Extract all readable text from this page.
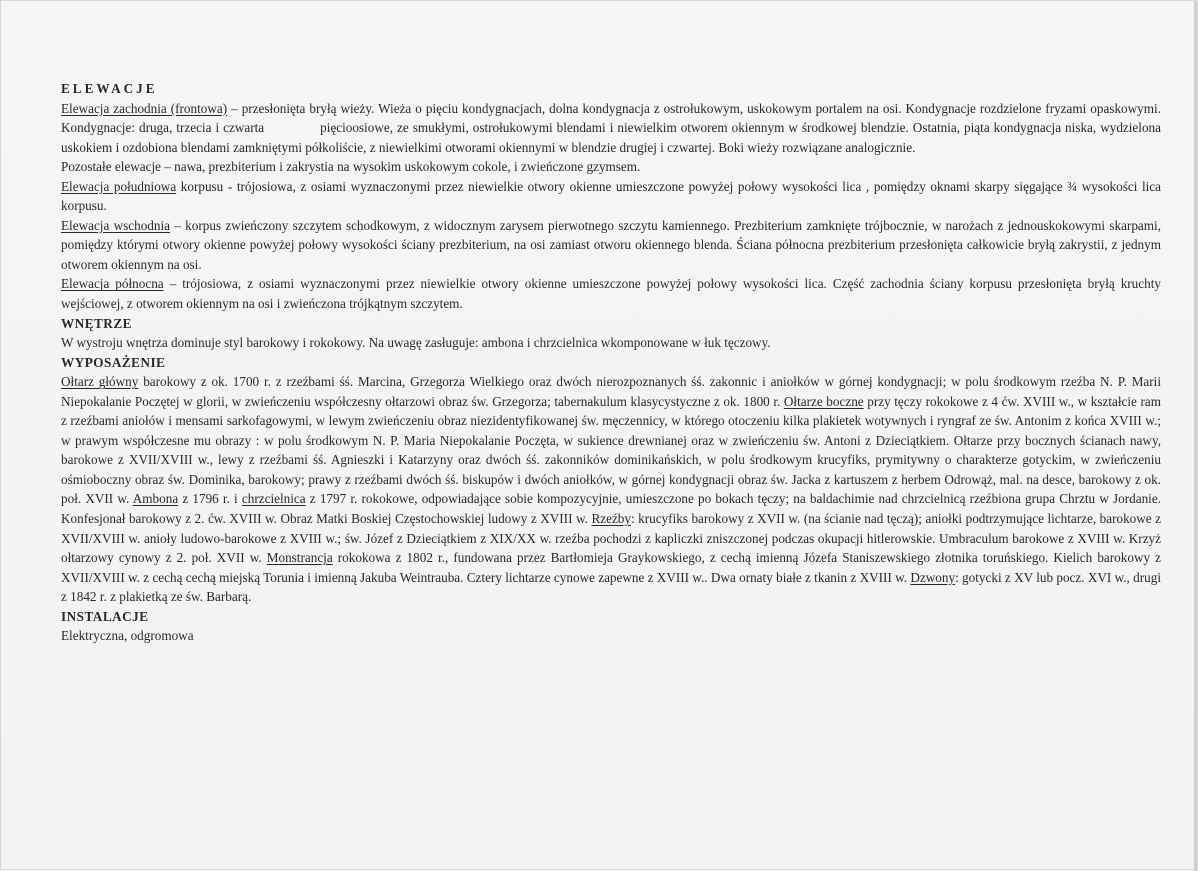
ELEWACJE

Elewacja zachodnia (frontowa) – przesłonięta bryłą wieży. Wieża o pięciu kondygnacjach, dolna kondygnacja z ostrołukowym, uskokowym portalem na osi. Kondygnacje rozdzielone fryzami opaskowymi. Kondygnacje: druga, trzecia i czwarta	pięcioosiowe, ze smukłymi, ostrołukowymi blendami i niewielkim otworem okiennym w środkowej blendzie. Ostatnia, piąta kondygnacja niska, wydzielona uskokiem i ozdobiona blendami zamkniętymi półkoliście, z niewielkimi otworami okiennymi w blendzie drugiej i czwartej. Boki wieży rozwiązane analogicznie.

Pozostałe elewacje – nawa, prezbiterium i zakrystia na wysokim uskokowym cokole, i zwieńczone gzymsem.

Elewacja południowa korpusu - trójosiowa, z osiami wyznaczonymi przez niewielkie otwory okienne umieszczone powyżej połowy wysokości lica , pomiędzy oknami skarpy sięgające ¾ wysokości lica korpusu.

Elewacja wschodnia – korpus zwieńczony szczytem schodkowym, z widocznym zarysem pierwotnego szczytu kamiennego. Prezbiterium zamknięte trójbocznie, w narożach z jednouskokowymi skarpami, pomiędzy którymi otwory okienne powyżej połowy wysokości ściany prezbiterium, na osi zamiast otworu okiennego blenda. Ściana północna prezbiterium przesłonięta całkowicie bryłą zakrystii, z jednym otworem okiennym na osi.

Elewacja północna – trójosiowa, z osiami wyznaczonymi przez niewielkie otwory okienne umieszczone powyżej połowy wysokości lica. Część zachodnia ściany korpusu przesłonięta bryłą kruchty wejściowej, z otworem okiennym na osi i zwieńczona trójkątnym szczytem.

WNĘTRZE

W wystroju wnętrza dominuje styl barokowy i rokokowy. Na uwagę zasługuje: ambona i chrzcielnica wkomponowane w łuk tęczowy.

WYPOSAŻENIE

Ołtarz główny barokowy z ok. 1700 r. z rzeźbami śś. Marcina, Grzegorza Wielkiego oraz dwóch nierozpoznanych śś. zakonnic i aniołków w górnej kondygnacji; w polu środkowym rzeźba N. P. Marii Niepokalanie Poczętej w glorii, w zwieńczeniu współczesny ołtarzowi obraz św. Grzegorza; tabernakulum klasycystyczne z ok. 1800 r. Ołtarze boczne przy tęczy rokokowe z 4 ćw. XVIII w., w kształcie ram z rzeźbami aniołów i mensami sarkofagowymi, w lewym zwieńczeniu obraz niezidentyfikowanej św. męczennicy, w którego otoczeniu kilka plakietek wotywnych i ryngraf ze św. Antonim z końca XVIII w.; w prawym współczesne mu obrazy : w polu środkowym N. P. Maria Niepokalanie Poczęta, w sukience drewnianej oraz w zwieńczeniu św. Antoni z Dzieciątkiem. Ołtarze przy bocznych ścianach nawy, barokowe z XVII/XVIII w., lewy z rzeźbami śś. Agnieszki i Katarzyny oraz dwóch śś. zakonników dominikańskich, w polu środkowym krucyfiks, prymitywny o charakterze gotyckim, w zwieńczeniu ośmioboczny obraz św. Dominika, barokowy; prawy z rzeźbami dwóch śś. biskupów i dwóch aniołków, w górnej kondygnacji obraz św. Jacka z kartuszem z herbem Odrowąż, mal. na desce, barokowy z ok. poł. XVII w. Ambona z 1796 r. i chrzcielnica z 1797 r. rokokowe, odpowiadające sobie kompozycyjnie, umieszczone po bokach tęczy; na baldachimie nad chrzcielnicą rzeźbiona grupa Chrztu w Jordanie. Konfesjonał barokowy z 2. ćw. XVIII w. Obraz Matki Boskiej Częstochowskiej ludowy z XVIII w. Rzeźby: krucyfiks barokowy z XVII w. (na ścianie nad tęczą); aniołki podtrzymujące lichtarze, barokowe z XVII/XVIII w. anioły ludowo-barokowe z XVIII w.; św. Józef z Dzieciątkiem z XIX/XX w. rzeźba pochodzi z kapliczki zniszczonej podczas okupacji hitlerowskie. Umbraculum barokowe z XVIII w. Krzyż ołtarzowy cynowy z 2. poł. XVII w. Monstrancja rokokowa z 1802 r., fundowana przez Bartłomieja Graykowskiego, z cechą imienną Józefa Staniszewskiego złotnika toruńskiego. Kielich barokowy z XVII/XVIII w. z cechą cechą miejską Torunia i imienną Jakuba Weintrauba. Cztery lichtarze cynowe zapewne z XVIII w.. Dwa ornaty białe z tkanin z XVIII w. Dzwony: gotycki z XV lub pocz. XVI w., drugi z 1842 r. z plakietką ze św. Barbarą.

INSTALACJE

Elektryczna, odgromowa
